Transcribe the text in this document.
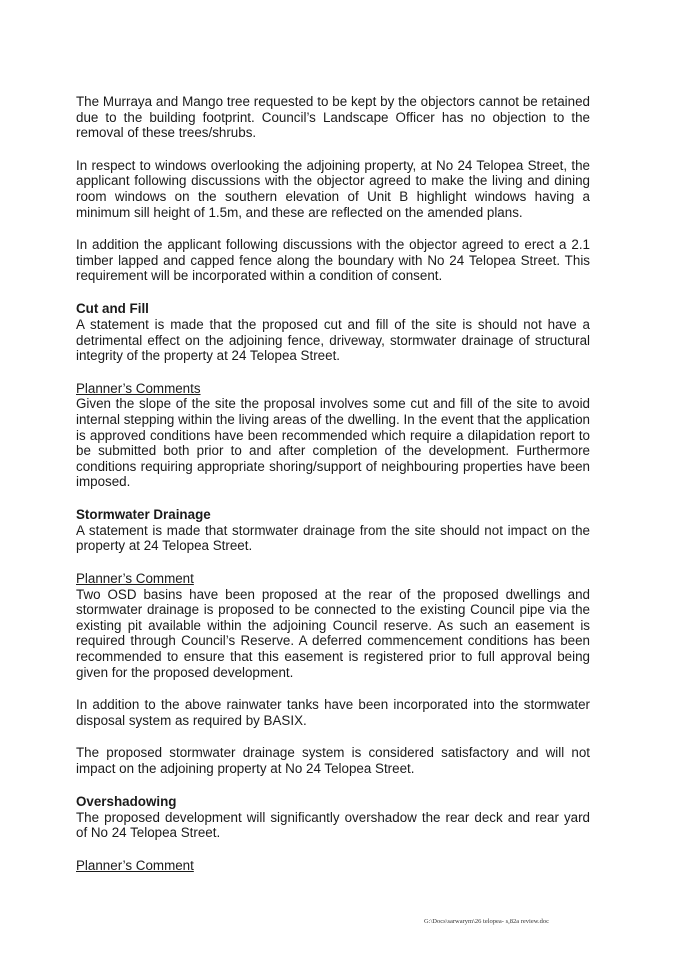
The Murraya and Mango tree requested to be kept by the objectors cannot be retained due to the building footprint. Council’s Landscape Officer has no objection to the removal of these trees/shrubs.

In respect to windows overlooking the adjoining property, at No 24 Telopea Street, the applicant following discussions with the objector agreed to make the living and dining room windows on the southern elevation of Unit B highlight windows having a minimum sill height of 1.5m, and these are reflected on the amended plans.

In addition the applicant following discussions with the objector agreed to erect a 2.1 timber lapped and capped fence along the boundary with No 24 Telopea Street. This requirement will be incorporated within a condition of consent.

Cut and Fill

A statement is made that the proposed cut and fill of the site is should not have a detrimental effect on the adjoining fence, driveway, stormwater drainage of structural integrity of the property at 24 Telopea Street.

Planner’s Comments

Given the slope of the site the proposal involves some cut and fill of the site to avoid internal stepping within the living areas of the dwelling. In the event that the application is approved conditions have been recommended which require a dilapidation report to be submitted both prior to and after completion of the development. Furthermore conditions requiring appropriate shoring/support of neighbouring properties have been imposed.

Stormwater Drainage

A statement is made that stormwater drainage from the site should not impact on the property at 24 Telopea Street.

Planner’s Comment

Two OSD basins have been proposed at the rear of the proposed dwellings and stormwater drainage is proposed to be connected to the existing Council pipe via the existing pit available within the adjoining Council reserve. As such an easement is required through Council’s Reserve. A deferred commencement conditions has been recommended to ensure that this easement is registered prior to full approval being given for the proposed development.

In addition to the above rainwater tanks have been incorporated into the stormwater disposal system as required by BASIX.

The proposed stormwater drainage system is considered satisfactory and will not impact on the adjoining property at No 24 Telopea Street.

Overshadowing

The proposed development will significantly overshadow the rear deck and rear yard of No 24 Telopea Street.

Planner’s Comment

G:\Docs\sarwarym\26 telopea- s,82a review.doc
